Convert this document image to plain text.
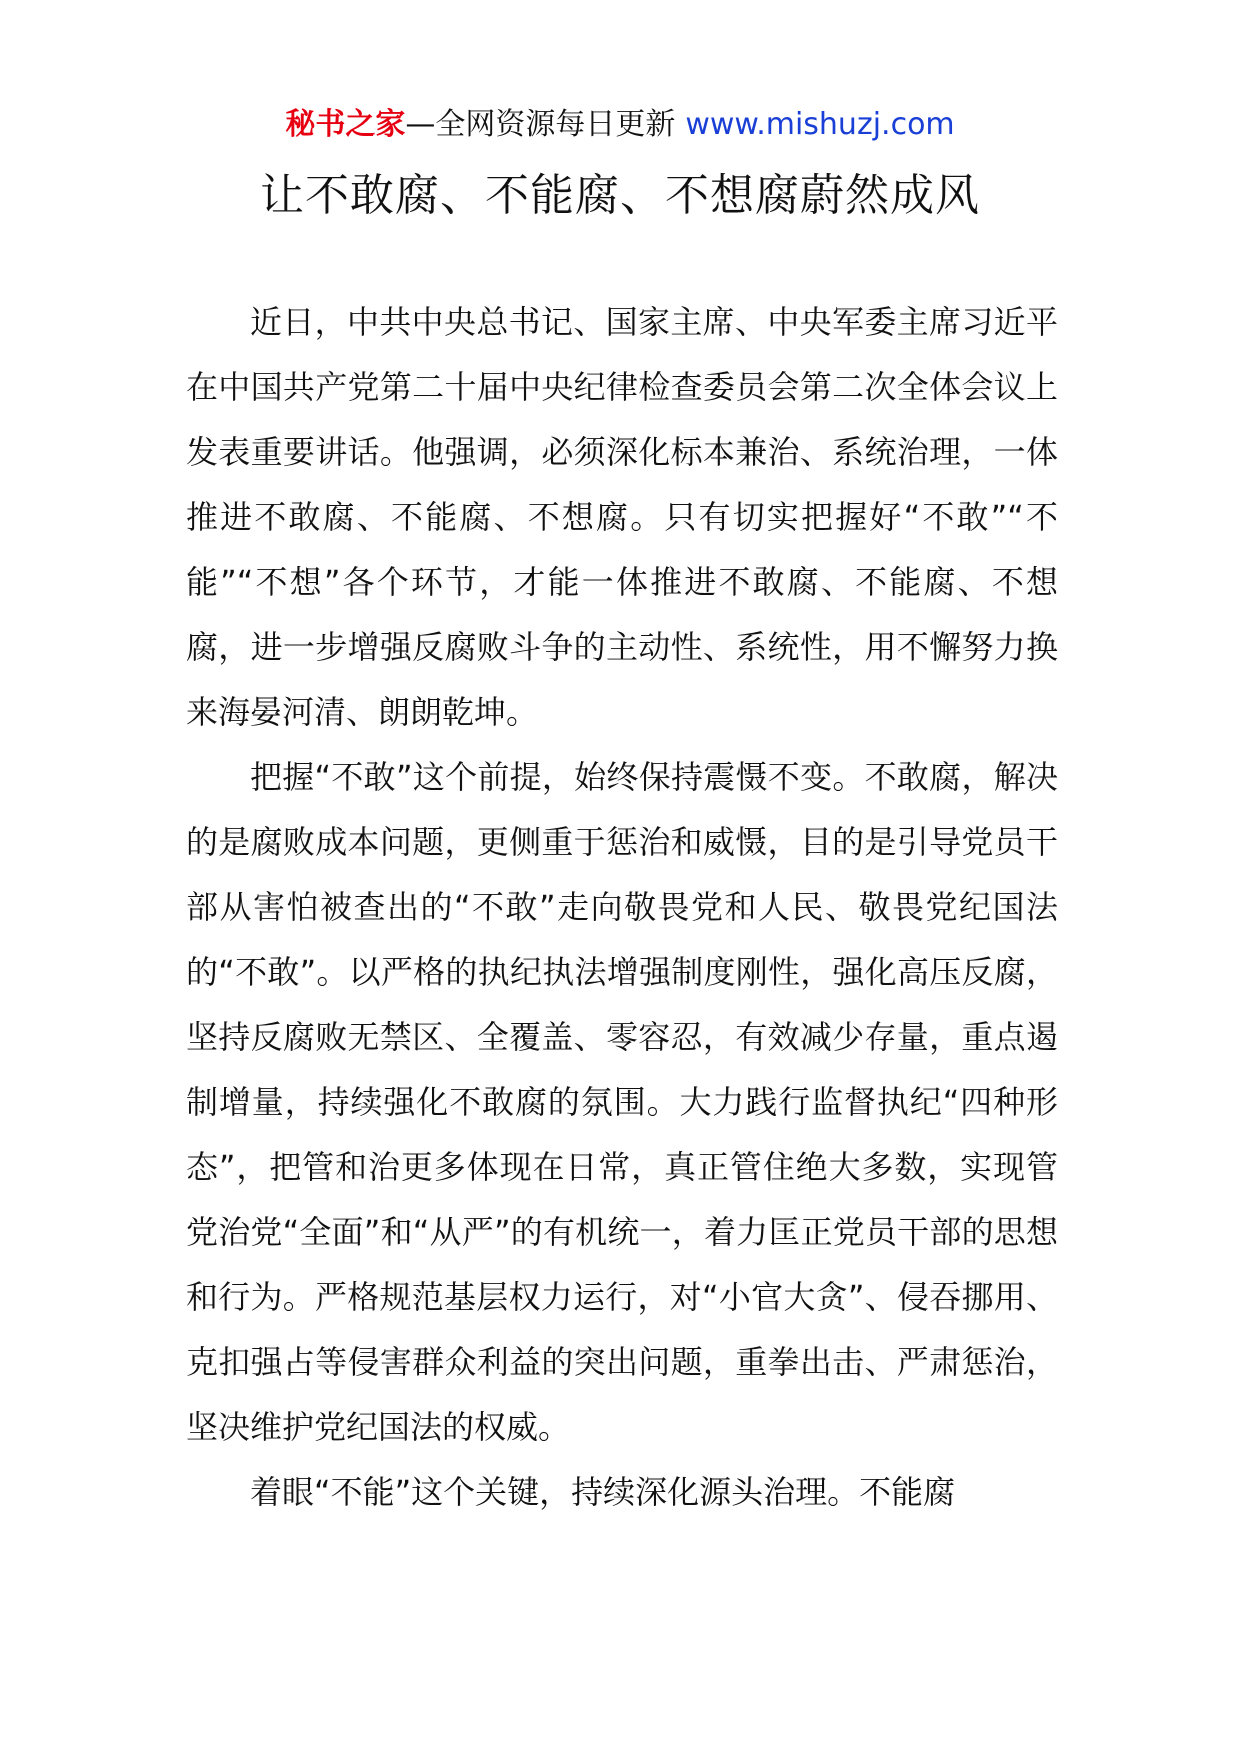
秘书之家—全网资源每日更新 www.mishuzj.com
让不敢腐、不能腐、不想腐蔚然成风

近日，中共中央总书记、国家主席、中央军委主席习近平在中国共产党第二十届中央纪律检查委员会第二次全体会议上发表重要讲话。他强调，必须深化标本兼治、系统治理，一体推进不敢腐、不能腐、不想腐。只有切实把握好“不敢”“不能”“不想”各个环节，才能一体推进不敢腐、不能腐、不想腐，进一步增强反腐败斗争的主动性、系统性，用不懈努力换来海晏河清、朗朗乾坤。

把握“不敢”这个前提，始终保持震慑不变。不敢腐，解决的是腐败成本问题，更侧重于惩治和威慑，目的是引导党员干部从害怕被查出的“不敢”走向敬畏党和人民、敬畏党纪国法的“不敢”。以严格的执纪执法增强制度刚性，强化高压反腐，坚持反腐败无禁区、全覆盖、零容忍，有效减少存量，重点遏制增量，持续强化不敢腐的氛围。大力践行监督执纪“四种形态”，把管和治更多体现在日常，真正管住绝大多数，实现管党治党“全面”和“从严”的有机统一，着力匡正党员干部的思想和行为。严格规范基层权力运行，对“小官大贪”、侵吞挪用、克扣强占等侵害群众利益的突出问题，重拳出击、严肃惩治，坚决维护党纪国法的权威。

着眼“不能”这个关键，持续深化源头治理。不能腐
